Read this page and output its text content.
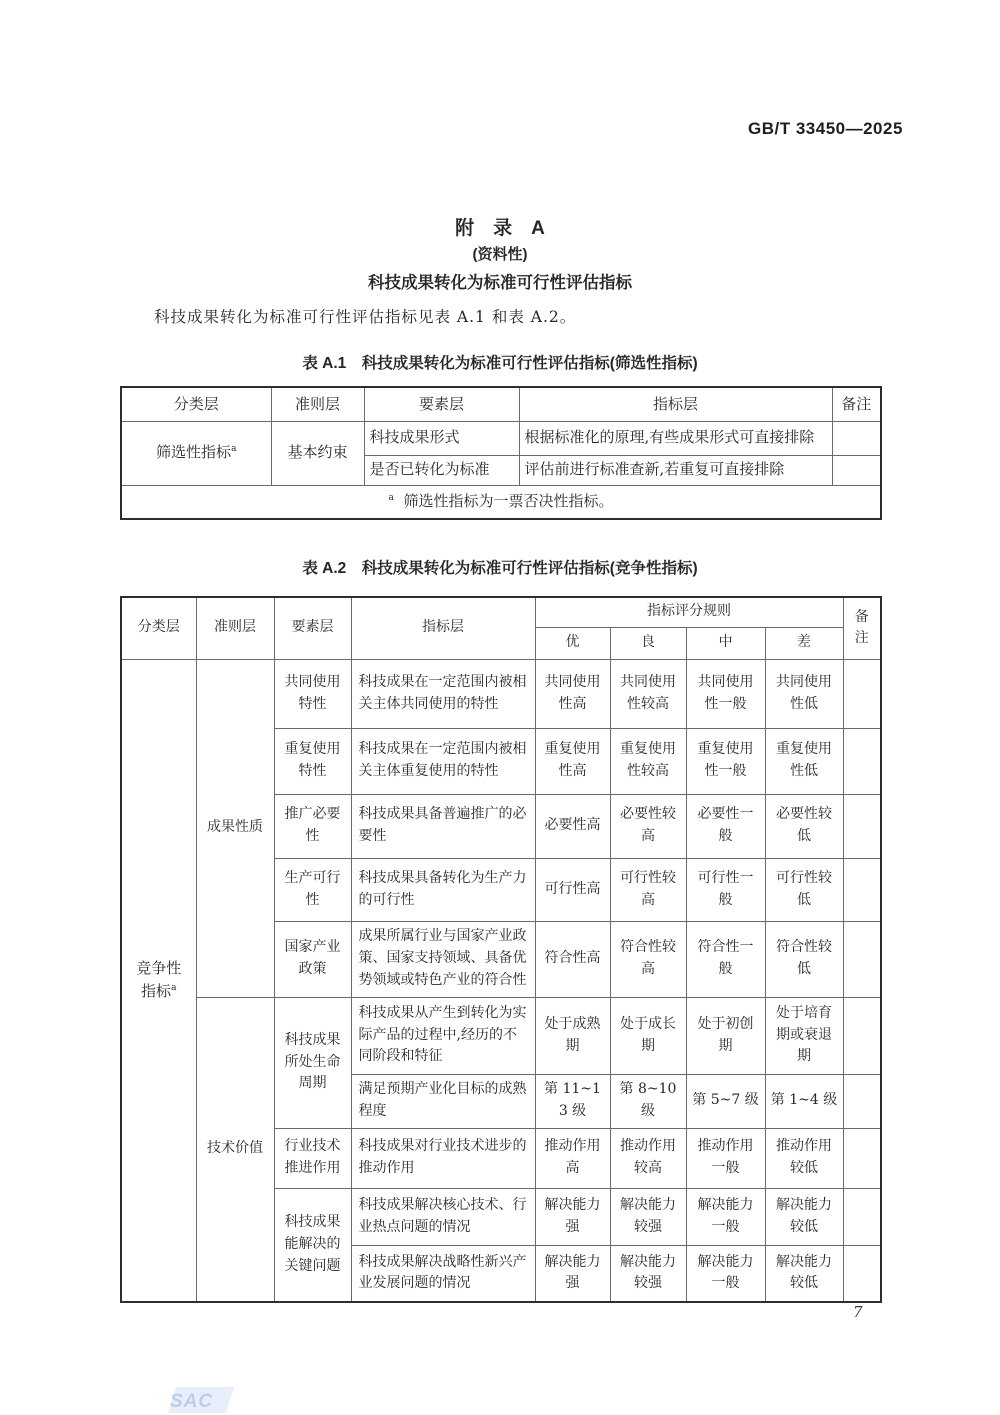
GB/T 33450—2025
附　录　A
(资料性)
科技成果转化为标准可行性评估指标
科技成果转化为标准可行性评估指标见表 A.1 和表 A.2。
表 A.1　科技成果转化为标准可行性评估指标(筛选性指标)
分类层	准则层	要素层	指标层	备注
筛选性指标$^a$	基本约束	科技成果形式	根据标准化的原理,有些成果形式可直接排除	
		是否已转化为标准	评估前进行标准查新,若重复可直接排除	
$^a$ 筛选性指标为一票否决性指标。				
表 A.2　科技成果转化为标准可行性评估指标(竞争性指标)
分类层	准则层	要素层	指标层	指标评分规则				备注
				优	良	中	差	
竞争性指标$^a$	成果性质	共同使用特性	科技成果在一定范围内被相关主体共同使用的特性	共同使用性高	共同使用性较高	共同使用性一般	共同使用性低	
		重复使用特性	科技成果在一定范围内被相关主体重复使用的特性	重复使用性高	重复使用性较高	重复使用性一般	重复使用性低	
		推广必要性	科技成果具备普遍推广的必要性	必要性高	必要性较高	必要性一般	必要性较低	
		生产可行性	科技成果具备转化为生产力的可行性	可行性高	可行性较高	可行性一般	可行性较低	
		国家产业政策	成果所属行业与国家产业政策、国家支持领域、具备优势领域或特色产业的符合性	符合性高	符合性较高	符合性一般	符合性较低	
	技术价值	科技成果所处生命周期	科技成果从产生到转化为实际产品的过程中,经历的不同阶段和特征	处于成熟期	处于成长期	处于初创期	处于培育期或衰退期	
			满足预期产业化目标的成熟程度	第 11~13 级	第 8~10 级	第 5~7 级	第 1~4 级	
		行业技术推进作用	科技成果对行业技术进步的推动作用	推动作用高	推动作用较高	推动作用一般	推动作用较低	
		科技成果能解决的关键问题	科技成果解决核心技术、行业热点问题的情况	解决能力强	解决能力较强	解决能力一般	解决能力较低	
			科技成果解决战略性新兴产业发展问题的情况	解决能力强	解决能力较强	解决能力一般	解决能力较低	
7
SAC
